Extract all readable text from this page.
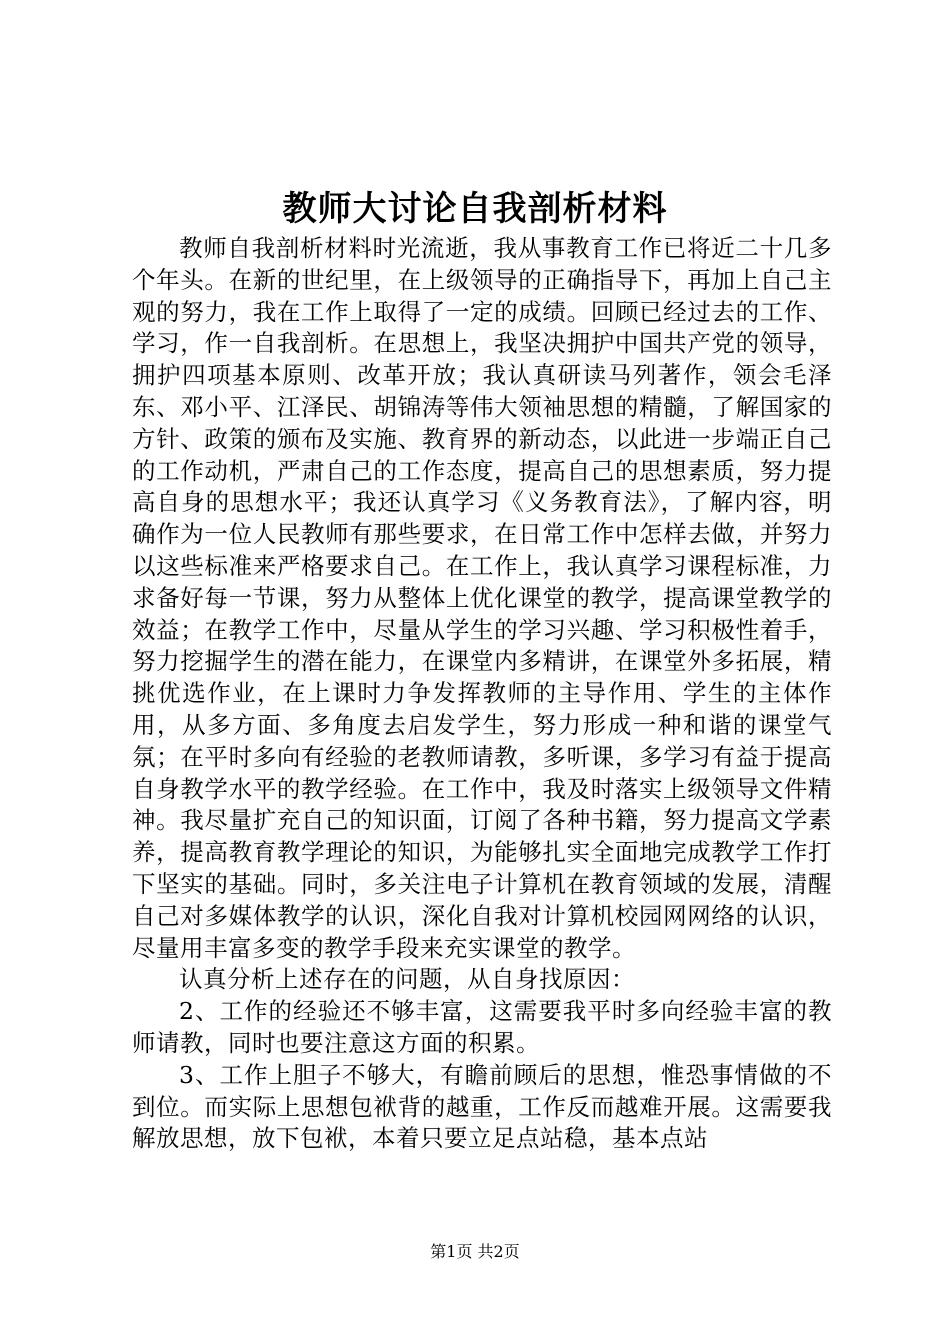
教师大讨论自我剖析材料

教师自我剖析材料时光流逝，我从事教育工作已将近二十几多个年头。在新的世纪里，在上级领导的正确指导下，再加上自己主观的努力，我在工作上取得了一定的成绩。回顾已经过去的工作、学习，作一自我剖析。在思想上，我坚决拥护中国共产党的领导，拥护四项基本原则、改革开放；我认真研读马列著作，领会毛泽东、邓小平、江泽民、胡锦涛等伟大领袖思想的精髓，了解国家的方针、政策的颁布及实施、教育界的新动态，以此进一步端正自己的工作动机，严肃自己的工作态度，提高自己的思想素质，努力提高自身的思想水平；我还认真学习《义务教育法》，了解内容，明确作为一位人民教师有那些要求，在日常工作中怎样去做，并努力以这些标准来严格要求自己。在工作上，我认真学习课程标准，力求备好每一节课，努力从整体上优化课堂的教学，提高课堂教学的效益；在教学工作中，尽量从学生的学习兴趣、学习积极性着手，努力挖掘学生的潜在能力，在课堂内多精讲，在课堂外多拓展，精挑优选作业，在上课时力争发挥教师的主导作用、学生的主体作用，从多方面、多角度去启发学生，努力形成一种和谐的课堂气氛；在平时多向有经验的老教师请教，多听课，多学习有益于提高自身教学水平的教学经验。在工作中，我及时落实上级领导文件精神。我尽量扩充自己的知识面，订阅了各种书籍，努力提高文学素养，提高教育教学理论的知识，为能够扎实全面地完成教学工作打下坚实的基础。同时，多关注电子计算机在教育领域的发展，清醒自己对多媒体教学的认识，深化自我对计算机校园网网络的认识，尽量用丰富多变的教学手段来充实课堂的教学。

认真分析上述存在的问题，从自身找原因：

2、工作的经验还不够丰富，这需要我平时多向经验丰富的教师请教，同时也要注意这方面的积累。

3、工作上胆子不够大，有瞻前顾后的思想，惟恐事情做的不到位。而实际上思想包袱背的越重，工作反而越难开展。这需要我解放思想，放下包袱，本着只要立足点站稳，基本点站

第1页 共2页
